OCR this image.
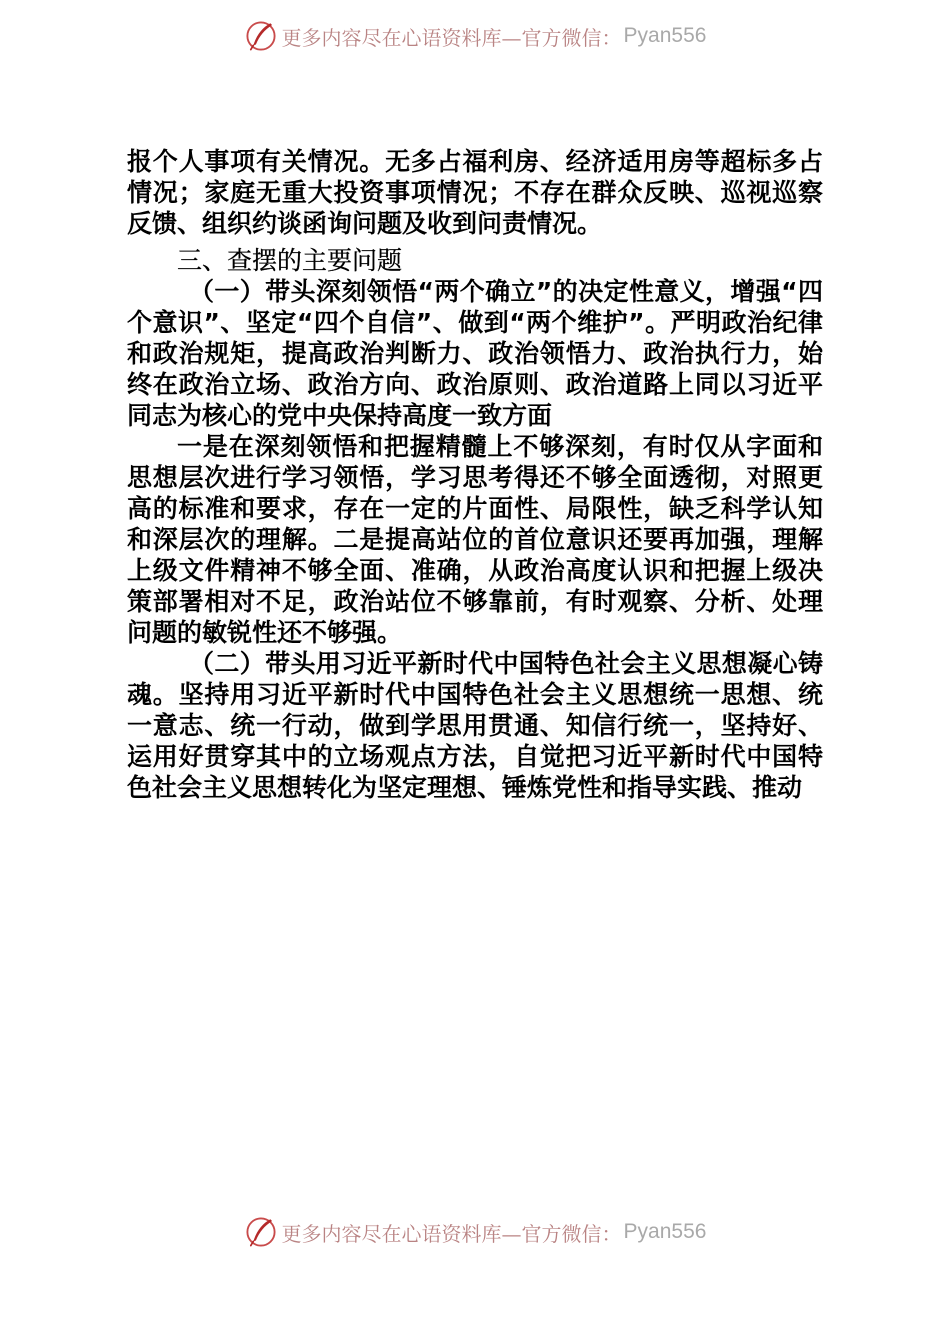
更多内容尽在心语资料库—官方微信： Pyan556

报个人事项有关情况。无多占福利房、经济适用房等超标多占情况；家庭无重大投资事项情况；不存在群众反映、巡视巡察 反馈、组织约谈函询问题及收到问责情况。

三、查摆的主要问题

（一）带头深刻领悟“两个确立”的决定性意义，增强“四个意识”、坚定“四个自信”、做到“两个维护”。严明政治纪律和政治规矩，提高政治判断力、政治领悟力、政治执行力，始终在政治立场、政治方向、政治原则、政治道路上同以习近平同志为核心的党中央保持高度一致方面

一是在深刻领悟和把握精髓上不够深刻，有时仅从字面和思想层次进行学习领悟，学习思考得还不够全面透彻，对照更 高的标准和要求，存在一定的片面性、局限性，缺乏科学认知和深层次的理解。二是提高站位的首位意识还要再加强，理解上级文件精神不够全面、准确，从政治高度认识和把握上级决策部署相对不足，政治站位不够靠前，有时观察、分析、处理问题的敏锐性还不够强。

（二）带头用习近平新时代中国特色社会主义思想凝心铸魂。坚持用习近平新时代中国特色社会主义思想统一思想、统一意志、统一行动，做到学思用贯通、知信行统一，坚持好、运用好贯穿其中的立场观点方法，自觉把习近平新时代中国特色社会主义思想转化为坚定理想、锤炼党性和指导实践、推动

更多内容尽在心语资料库—官方微信： Pyan556
